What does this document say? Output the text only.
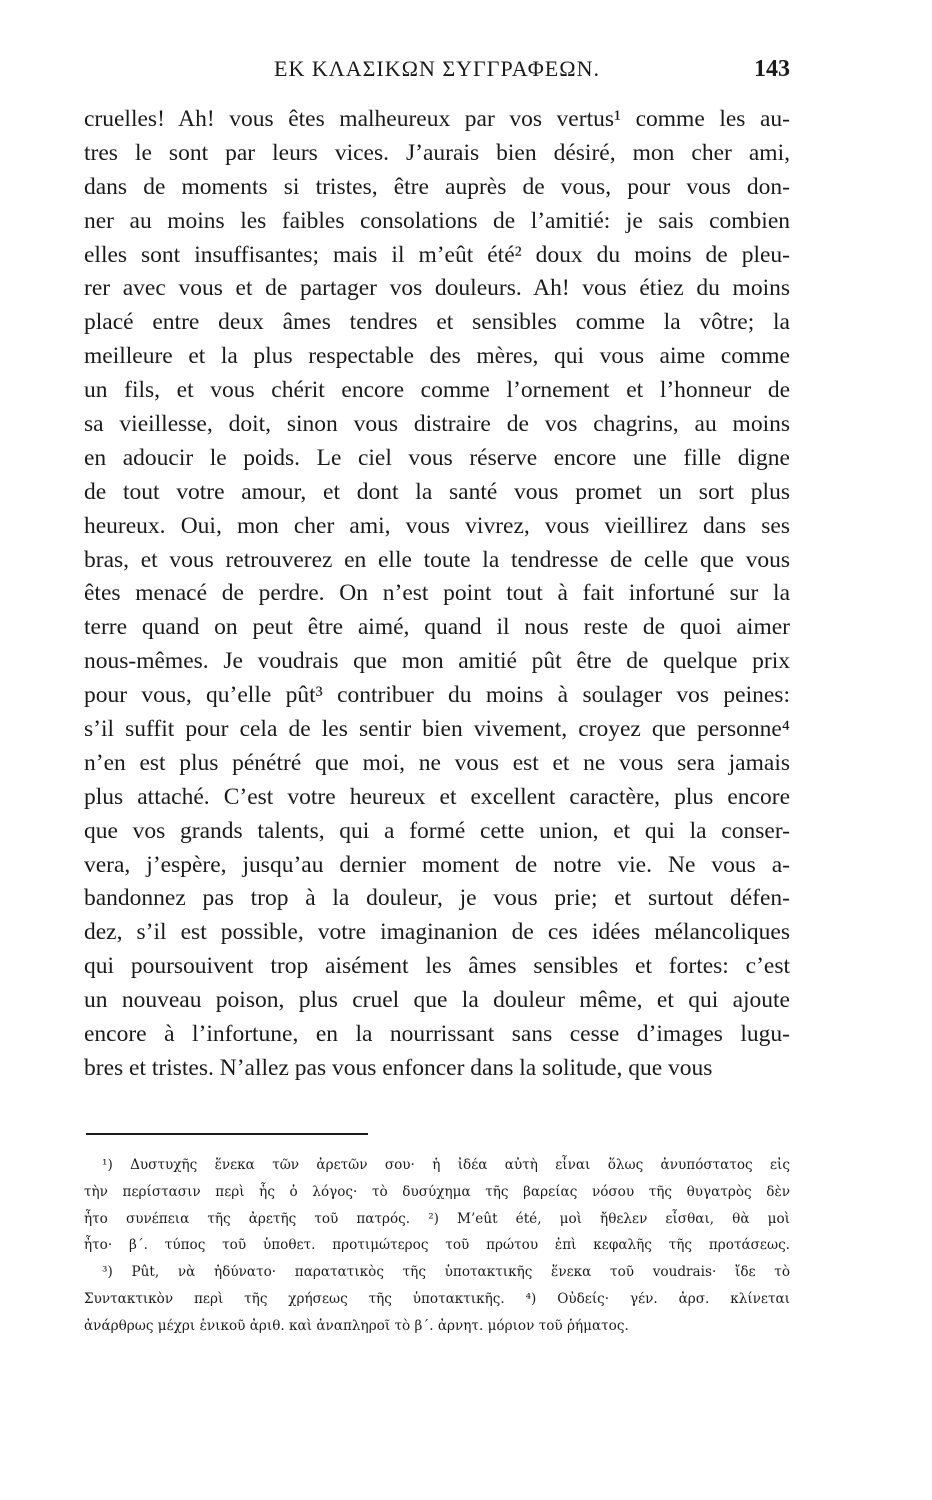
ΕΚ ΚΛΑΣΙΚΩΝ ΣΥΓΓΡΑΦΕΩΝ.	143
cruelles! Ah! vous êtes malheureux par vos vertus¹ comme les au-
tres le sont par leurs vices. J’aurais bien désiré, mon cher ami,
dans de moments si tristes, être auprès de vous, pour vous don-
ner au moins les faibles consolations de l’amitié: je sais combien
elles sont insuffisantes; mais il m’eût été² doux du moins de pleu-
rer avec vous et de partager vos douleurs. Ah! vous étiez du moins
placé entre deux âmes tendres et sensibles comme la vôtre; la
meilleure et la plus respectable des mères, qui vous aime comme
un fils, et vous chérit encore comme l’ornement et l’honneur de
sa vieillesse, doit, sinon vous distraire de vos chagrins, au moins
en adoucir le poids. Le ciel vous réserve encore une fille digne
de tout votre amour, et dont la santé vous promet un sort plus
heureux. Oui, mon cher ami, vous vivrez, vous vieillirez dans ses
bras, et vous retrouverez en elle toute la tendresse de celle que vous
êtes menacé de perdre. On n’est point tout à fait infortuné sur la
terre quand on peut être aimé, quand il nous reste de quoi aimer
nous-mêmes. Je voudrais que mon amitié pût être de quelque prix
pour vous, qu’elle pût³ contribuer du moins à soulager vos peines:
s’il suffit pour cela de les sentir bien vivement, croyez que personne⁴
n’en est plus pénétré que moi, ne vous est et ne vous sera jamais
plus attaché. C’est votre heureux et excellent caractère, plus encore
que vos grands talents, qui a formé cette union, et qui la conser-
vera, j’espère, jusqu’au dernier moment de notre vie. Ne vous a-
bandonnez pas trop à la douleur, je vous prie; et surtout défen-
dez, s’il est possible, votre imaginanion de ces idées mélancoliques
qui poursouivent trop aisément les âmes sensibles et fortes: c’est
un nouveau poison, plus cruel que la douleur même, et qui ajoute
encore à l’infortune, en la nourrissant sans cesse d’images lugu-
bres et tristes. N’allez pas vous enfoncer dans la solitude, que vous
¹) Δυστυχῆς ἕνεκα τῶν ἀρετῶν σου· ἡ ἰδέα αὐτὴ εἶναι ὅλως ἀνυπόστατος εἰς
τὴν περίστασιν περὶ ἧς ὁ λόγος· τὸ δυσύχημα τῆς βαρείας νόσου τῆς θυγατρὸς δὲν
ἦτο συνέπεια τῆς ἀρετῆς τοῦ πατρός. ²) M’eût été, μοὶ ἤθελεν εἶσθαι, θὰ μοὶ
ἦτο· β΄. τύπος τοῦ ὑποθετ. προτιμώτερος τοῦ πρώτου ἐπὶ κεφαλῆς τῆς προτάσεως.
³) Pût, νὰ ἠδύνατο· παρατατικὸς τῆς ὑποτακτικῆς ἕνεκα τοῦ voudrais· ἴδε τὸ
Συντακτικὸν περὶ τῆς χρήσεως τῆς ὑποτακτικῆς. ⁴) Οὐδείς· γέν. ἀρσ. κλίνεται
ἀνάρθρως μέχρι ἑνικοῦ ἀριθ. καὶ ἀναπληροῖ τὸ β΄. ἀρνητ. μόριον τοῦ ῥήματος.
